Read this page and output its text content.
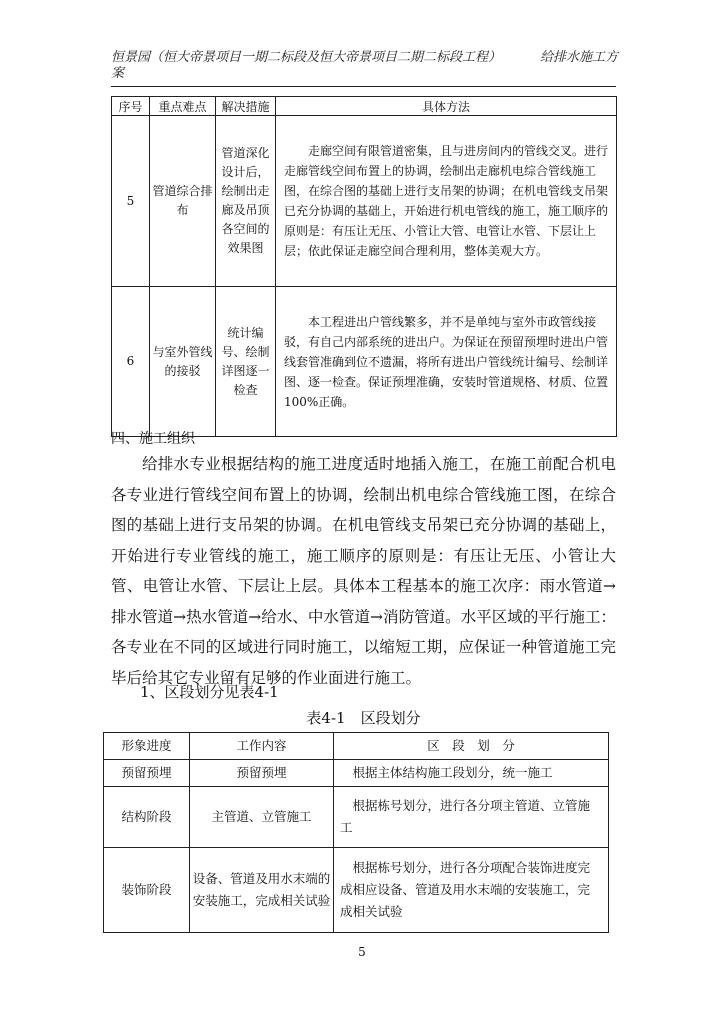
恒景园（恒大帝景项目一期二标段及恒大帝景项目二期二标段工程）案
给排水施工方
序号	重点难点	解决措施	具体方法
5	管道综合排布	管道深化设计后，绘制出走廊及吊顶各空间的效果图	走廊空间有限管道密集，且与进房间内的管线交叉。进行走廊管线空间布置上的协调，绘制出走廊机电综合管线施工图，在综合图的基础上进行支吊架的协调；在机电管线支吊架已充分协调的基础上，开始进行机电管线的施工，施工顺序的原则是：有压让无压、小管让大管、电管让水管、下层让上层；依此保证走廊空间合理利用，整体美观大方。

6	与室外管线的接驳	统计编号、绘制详图逐一检查	本工程进出户管线繁多，并不是单纯与室外市政管线接驳，有自己内部系统的进出户。为保证在预留预埋时进出户管线套管准确到位不遗漏，将所有进出户管线统计编号、绘制详图、逐一检查。保证预埋准确，安装时管道规格、材质、位置100%正确。
四、施工组织
给排水专业根据结构的施工进度适时地插入施工，在施工前配合机电各专业进行管线空间布置上的协调，绘制出机电综合管线施工图，在综合图的基础上进行支吊架的协调。在机电管线支吊架已充分协调的基础上，开始进行专业管线的施工，施工顺序的原则是：有压让无压、小管让大管、电管让水管、下层让上层。具体本工程基本的施工次序：雨水管道→排水管道→热水管道→给水、中水管道→消防管道。水平区域的平行施工：各专业在不同的区域进行同时施工，以缩短工期，应保证一种管道施工完毕后给其它专业留有足够的作业面进行施工。
1、区段划分见表4-1
表4-1　区段划分
形象进度	工作内容	区　段　划　分
预留预埋	预留预埋	根据主体结构施工段划分，统一施工
结构阶段	主管道、立管施工	根据栋号划分，进行各分项主管道、立管施工
装饰阶段	设备、管道及用水末端的安装施工，完成相关试验	根据栋号划分，进行各分项配合装饰进度完成相应设备、管道及用水末端的安装施工，完成相关试验
5
